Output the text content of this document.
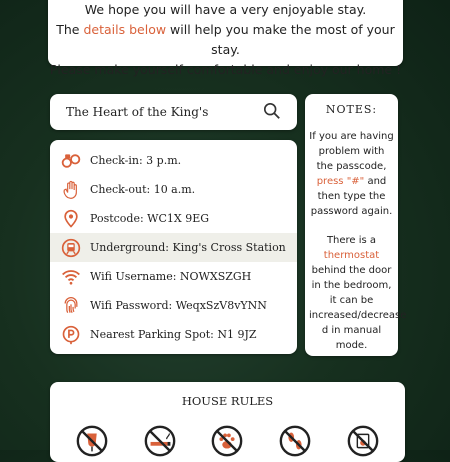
We hope you will have a very enjoyable stay.
The details below will help you make the most of your stay.
Please make yourself comfortable and enjoy our home !
The Heart of the King's
Check-in: 3 p.m.
Check-out: 10 a.m.
Postcode: WC1X 9EG
Underground: King's Cross Station
Wifi Username: NOWXSZGH
Wifi Password: WeqxSzV8vYNN
Nearest Parking Spot: N1 9JZ
NOTES:

If you are having problem with the passcode, press "#" and then type the password again.

There is a thermostat behind the door in the bedroom, it can be increased/decrease d in manual mode.

HOUSE RULES
